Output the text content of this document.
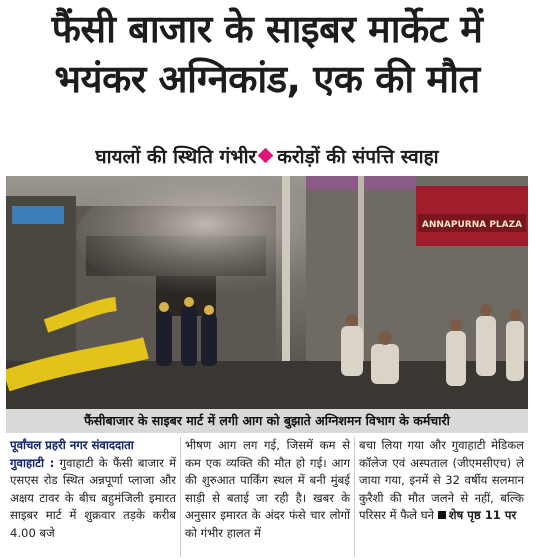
फैंसी बाजार के साइबर मार्केट में
भयंकर अग्निकांड, एक की मौत
घायलों की स्थिति गंभीर करोड़ों की संपत्ति स्वाहा
ANNAPURNA PLAZA
फैंसीबाजार के साइबर मार्ट में लगी आग को बुझाते अग्निशमन विभाग के कर्मचारी
पूर्वांचल प्रहरी नगर संवाददाता
गुवाहाटी : गुवाहाटी के फैंसी बाजार में एसएस रोड स्थित अन्नपूर्णा प्लाजा और अक्षय टावर के बीच बहुमंजिली इमारत साइबर मार्ट में शुक्रवार तड़के करीब 4.00 बजे
भीषण आग लग गई, जिसमें कम से कम एक व्यक्ति की मौत हो गई। आग की शुरुआत पार्किंग स्थल में बनी मुंबई साड़ी से बताई जा रही है। खबर के अनुसार इमारत के अंदर फंसे चार लोगों को गंभीर हालत में
बचा लिया गया और गुवाहाटी मेडिकल कॉलेज एवं अस्पताल (जीएमसीएच) ले जाया गया, इनमें से 32 वर्षीय सलमान कुरैशी की मौत जलने से नहीं, बल्कि परिसर में फैले घने शेष पृष्ठ 11 पर
